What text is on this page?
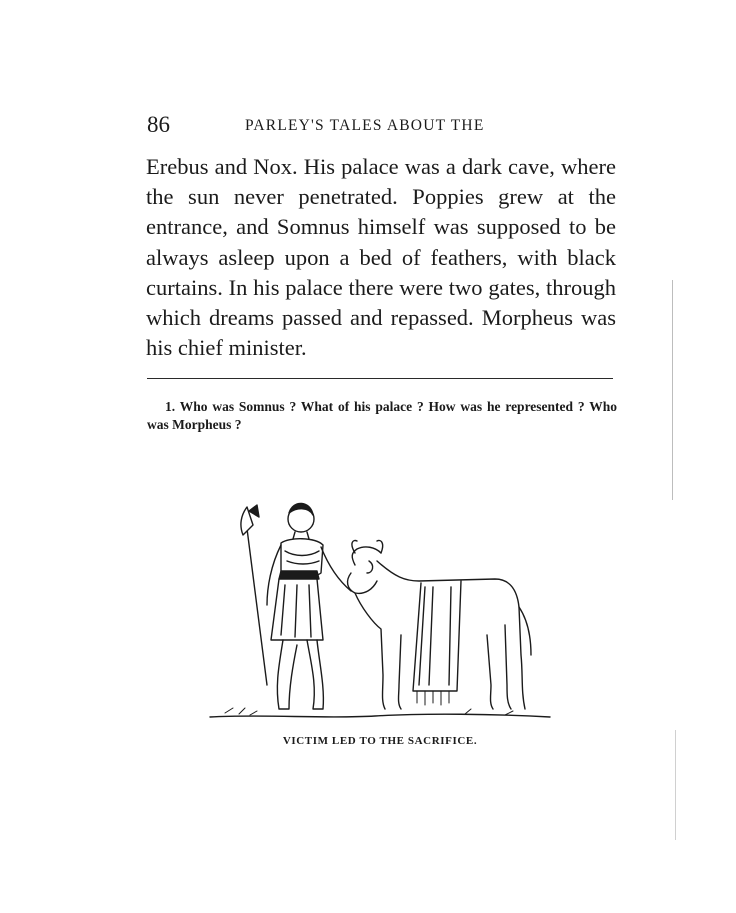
86	PARLEY'S TALES ABOUT THE

Erebus and Nox. His palace was a dark cave, where the sun never penetrated. Poppies grew at the entrance, and Somnus himself was supposed to be always asleep upon a bed of feathers, with black curtains. In his palace there were two gates, through which dreams passed and repassed. Morpheus was his chief minister.

1. Who was Somnus ? What of his palace ? How was he represented ? Who was Morpheus ?

VICTIM LED TO THE SACRIFICE.
